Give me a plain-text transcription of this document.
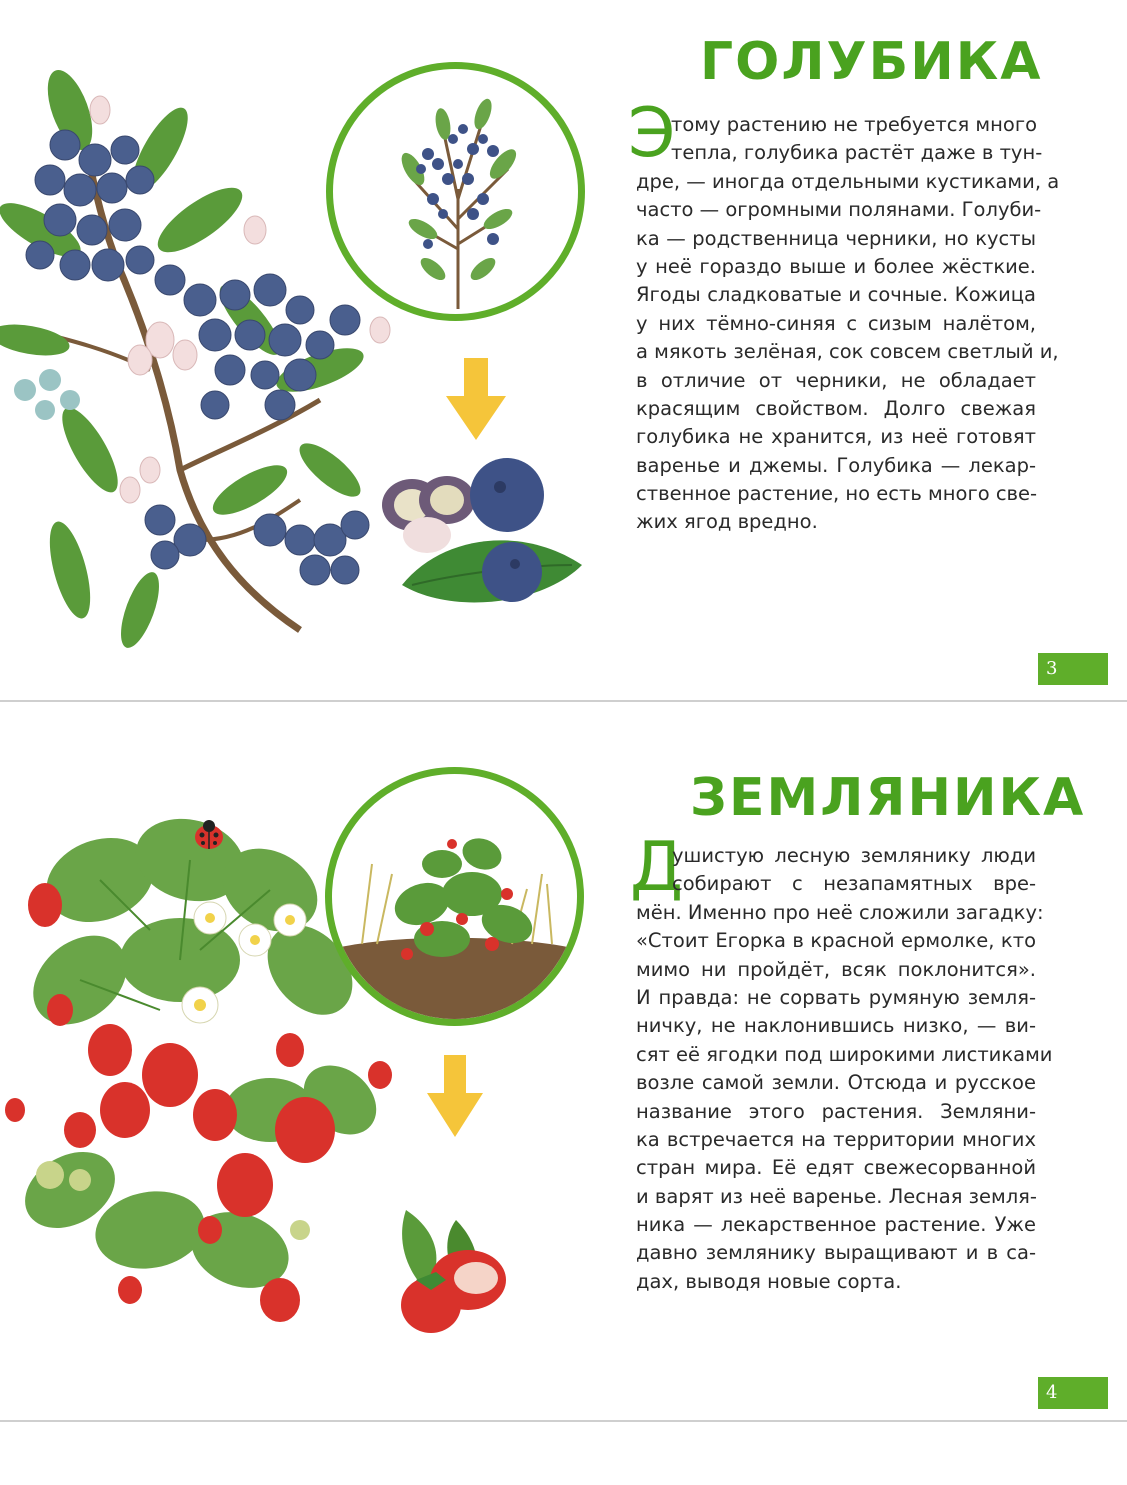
ГОЛУБИКА
Э
тому растению не требуется много
тепла, голубика растёт даже в тун-
дре, — иногда отдельными кустиками, а
часто — огромными полянами. Голуби-
ка — родственница черники, но кусты
у неё гораздо выше и более жёсткие.
Ягоды сладковатые и сочные. Кожица
у них тёмно-синяя с сизым налётом,
а мякоть зелёная, сок совсем светлый и,
в отличие от черники, не обладает
красящим свойством. Долго свежая
голубика не хранится, из неё готовят
варенье и джемы. Голубика — лекар-
ственное растение, но есть много све-
жих ягод вредно.
3
ЗЕМЛЯНИКА
Д
ушистую лесную землянику люди
собирают с незапамятных вре-
мён. Именно про неё сложили загадку:
«Стоит Егорка в красной ермолке, кто
мимо ни пройдёт, всяк поклонится».
И правда: не сорвать румяную земля-
ничку, не наклонившись низко, — ви-
сят её ягодки под широкими листиками
возле самой земли. Отсюда и русское
название этого растения. Земляни-
ка встречается на территории многих
стран мира. Её едят свежесорванной
и варят из неё варенье. Лесная земля-
ника — лекарственное растение. Уже
давно землянику выращивают и в са-
дах, выводя новые сорта.
4
